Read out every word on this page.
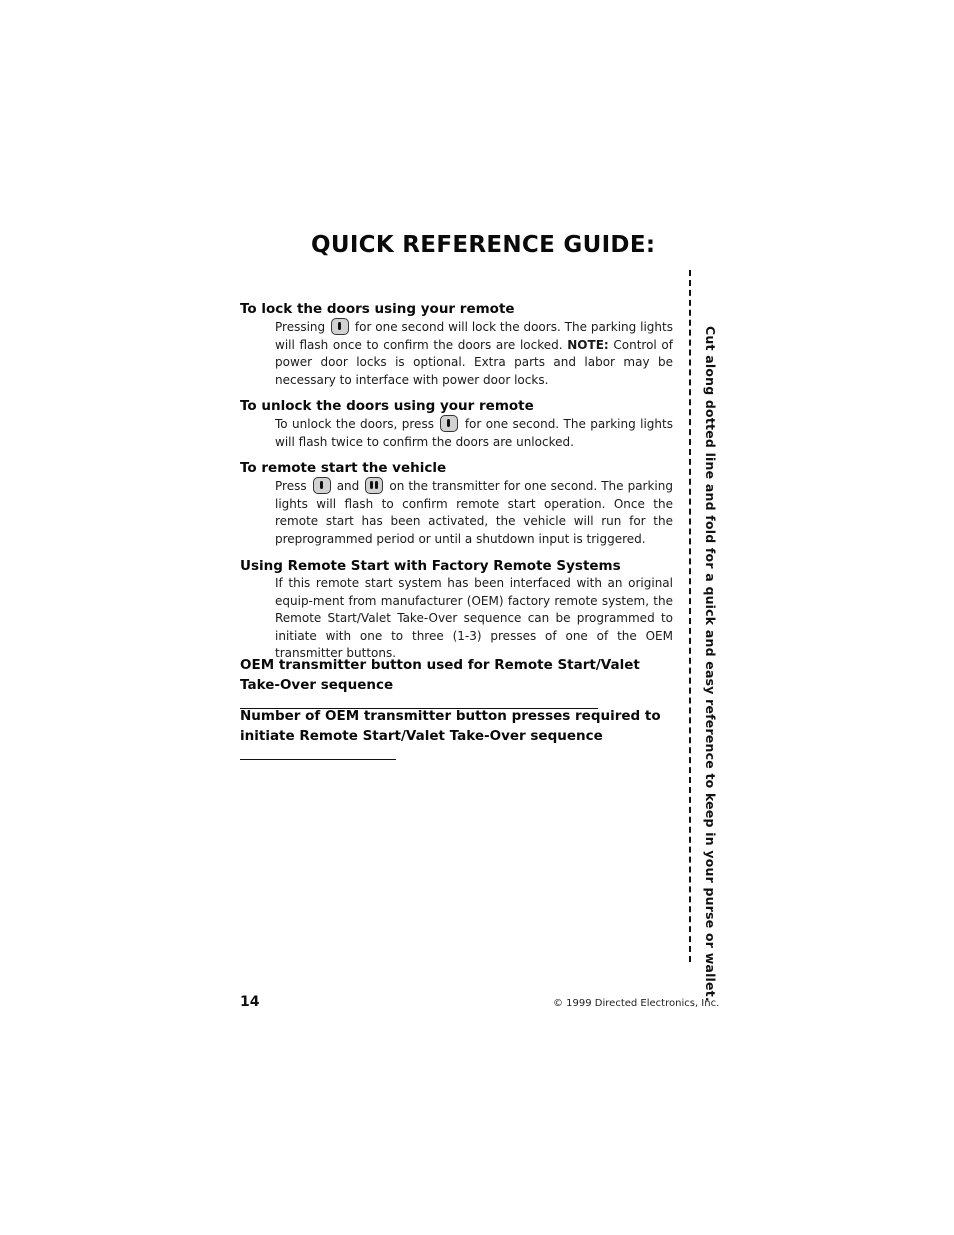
QUICK REFERENCE GUIDE:
To lock the doors using your remote
Pressing for one second will lock the doors. The parking lights will flash once to confirm the doors are locked. NOTE: Control of power door locks is optional. Extra parts and labor may be necessary to interface with power door locks.
To unlock the doors using your remote
To unlock the doors, press	for one second. The parking lights will flash twice to confirm the doors are unlocked.
To remote start the vehicle
Press	and	on the transmitter for one second. The parking lights will flash to confirm remote start operation. Once the remote start has been activated, the vehicle will run for the preprogrammed period or until a shutdown input is triggered.
Using Remote Start with Factory Remote Systems
If this remote start system has been interfaced with an original equip-ment from manufacturer (OEM) factory remote system, the Remote Start/Valet Take-Over sequence can be programmed to initiate with one to three (1-3) presses of one of the OEM transmitter buttons.
OEM transmitter button used for Remote Start/Valet Take-Over sequence
Number of OEM transmitter button presses required to initiate Remote Start/Valet Take-Over sequence	Cut along dotted line and fold for a quick and easy reference to keep in your purse or wallet.
14	© 1999 Directed Electronics, Inc.
